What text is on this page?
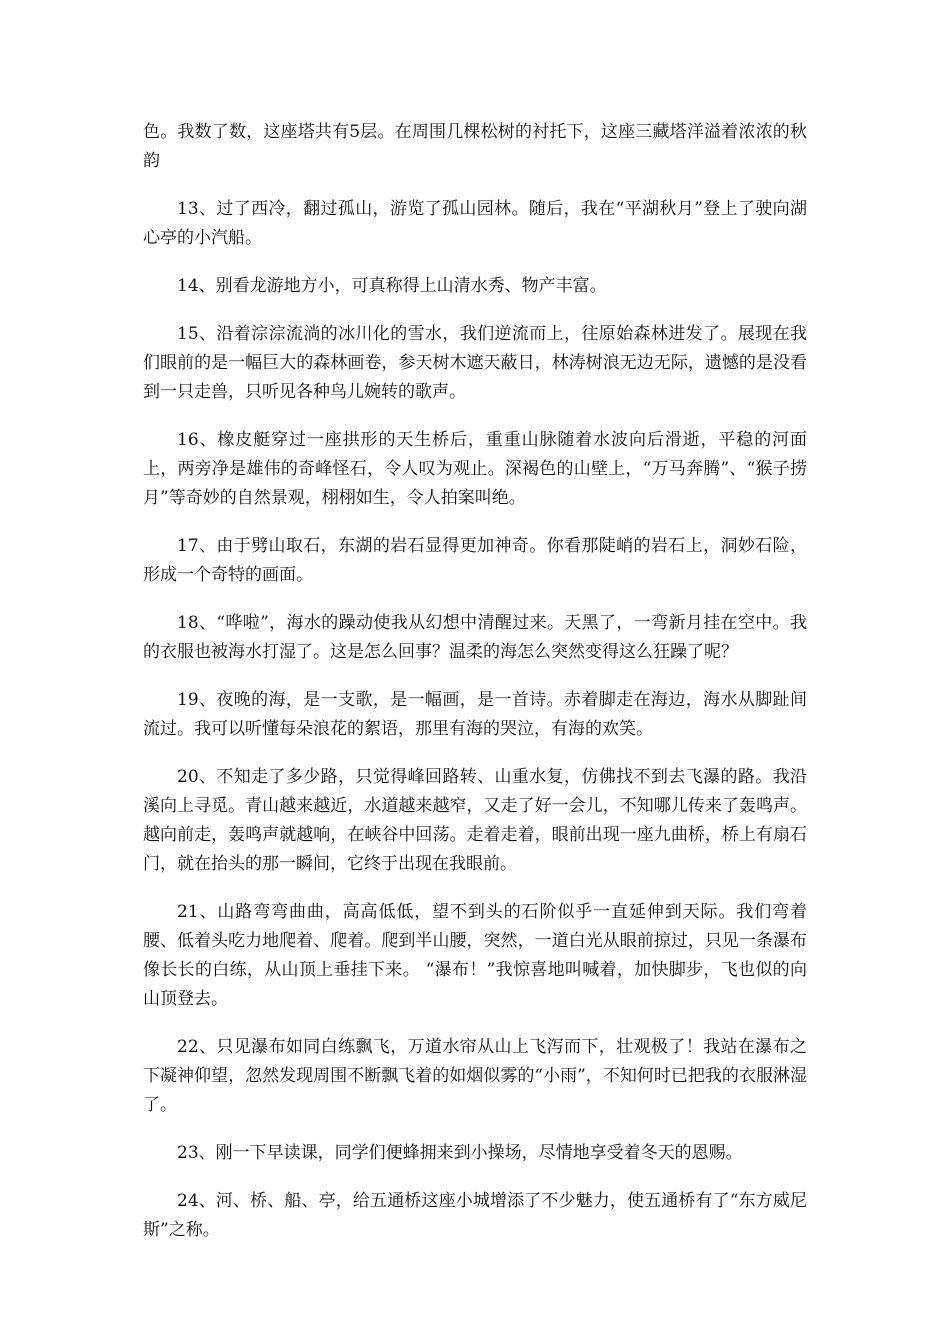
色。我数了数，这座塔共有5层。在周围几棵松树的衬托下，这座三藏塔洋溢着浓浓的秋韵

13、过了西冷，翻过孤山，游览了孤山园林。随后，我在“平湖秋月”登上了驶向湖心亭的小汽船。

14、别看龙游地方小，可真称得上山清水秀、物产丰富。

15、沿着淙淙流淌的冰川化的雪水，我们逆流而上，往原始森林进发了。展现在我们眼前的是一幅巨大的森林画卷，参天树木遮天蔽日，林涛树浪无边无际，遗憾的是没看到一只走兽，只听见各种鸟儿婉转的歌声。

16、橡皮艇穿过一座拱形的天生桥后，重重山脉随着水波向后滑逝，平稳的河面上，两旁净是雄伟的奇峰怪石，令人叹为观止。深褐色的山壁上，“万马奔腾”、“猴子捞月”等奇妙的自然景观，栩栩如生，令人拍案叫绝。

17、由于劈山取石，东湖的岩石显得更加神奇。你看那陡峭的岩石上，洞妙石险，形成一个奇特的画面。

18、“哗啦”，海水的躁动使我从幻想中清醒过来。天黑了，一弯新月挂在空中。我的衣服也被海水打湿了。这是怎么回事？温柔的海怎么突然变得这么狂躁了呢？

19、夜晚的海，是一支歌，是一幅画，是一首诗。赤着脚走在海边，海水从脚趾间流过。我可以听懂每朵浪花的絮语，那里有海的哭泣，有海的欢笑。

20、不知走了多少路，只觉得峰回路转、山重水复，仿佛找不到去飞瀑的路。我沿溪向上寻觅。青山越来越近，水道越来越窄，又走了好一会儿，不知哪儿传来了轰鸣声。越向前走，轰鸣声就越响，在峡谷中回荡。走着走着，眼前出现一座九曲桥，桥上有扇石门，就在抬头的那一瞬间，它终于出现在我眼前。

21、山路弯弯曲曲，高高低低，望不到头的石阶似乎一直延伸到天际。我们弯着腰、低着头吃力地爬着、爬着。爬到半山腰，突然，一道白光从眼前掠过，只见一条瀑布像长长的白练，从山顶上垂挂下来。 “瀑布！”我惊喜地叫喊着，加快脚步，飞也似的向山顶登去。

22、只见瀑布如同白练飘飞，万道水帘从山上飞泻而下，壮观极了！我站在瀑布之下凝神仰望，忽然发现周围不断飘飞着的如烟似雾的“小雨”，不知何时已把我的衣服淋湿了。

23、刚一下早读课，同学们便蜂拥来到小操场，尽情地享受着冬天的恩赐。

24、河、桥、船、亭，给五通桥这座小城增添了不少魅力，使五通桥有了“东方威尼斯”之称。
